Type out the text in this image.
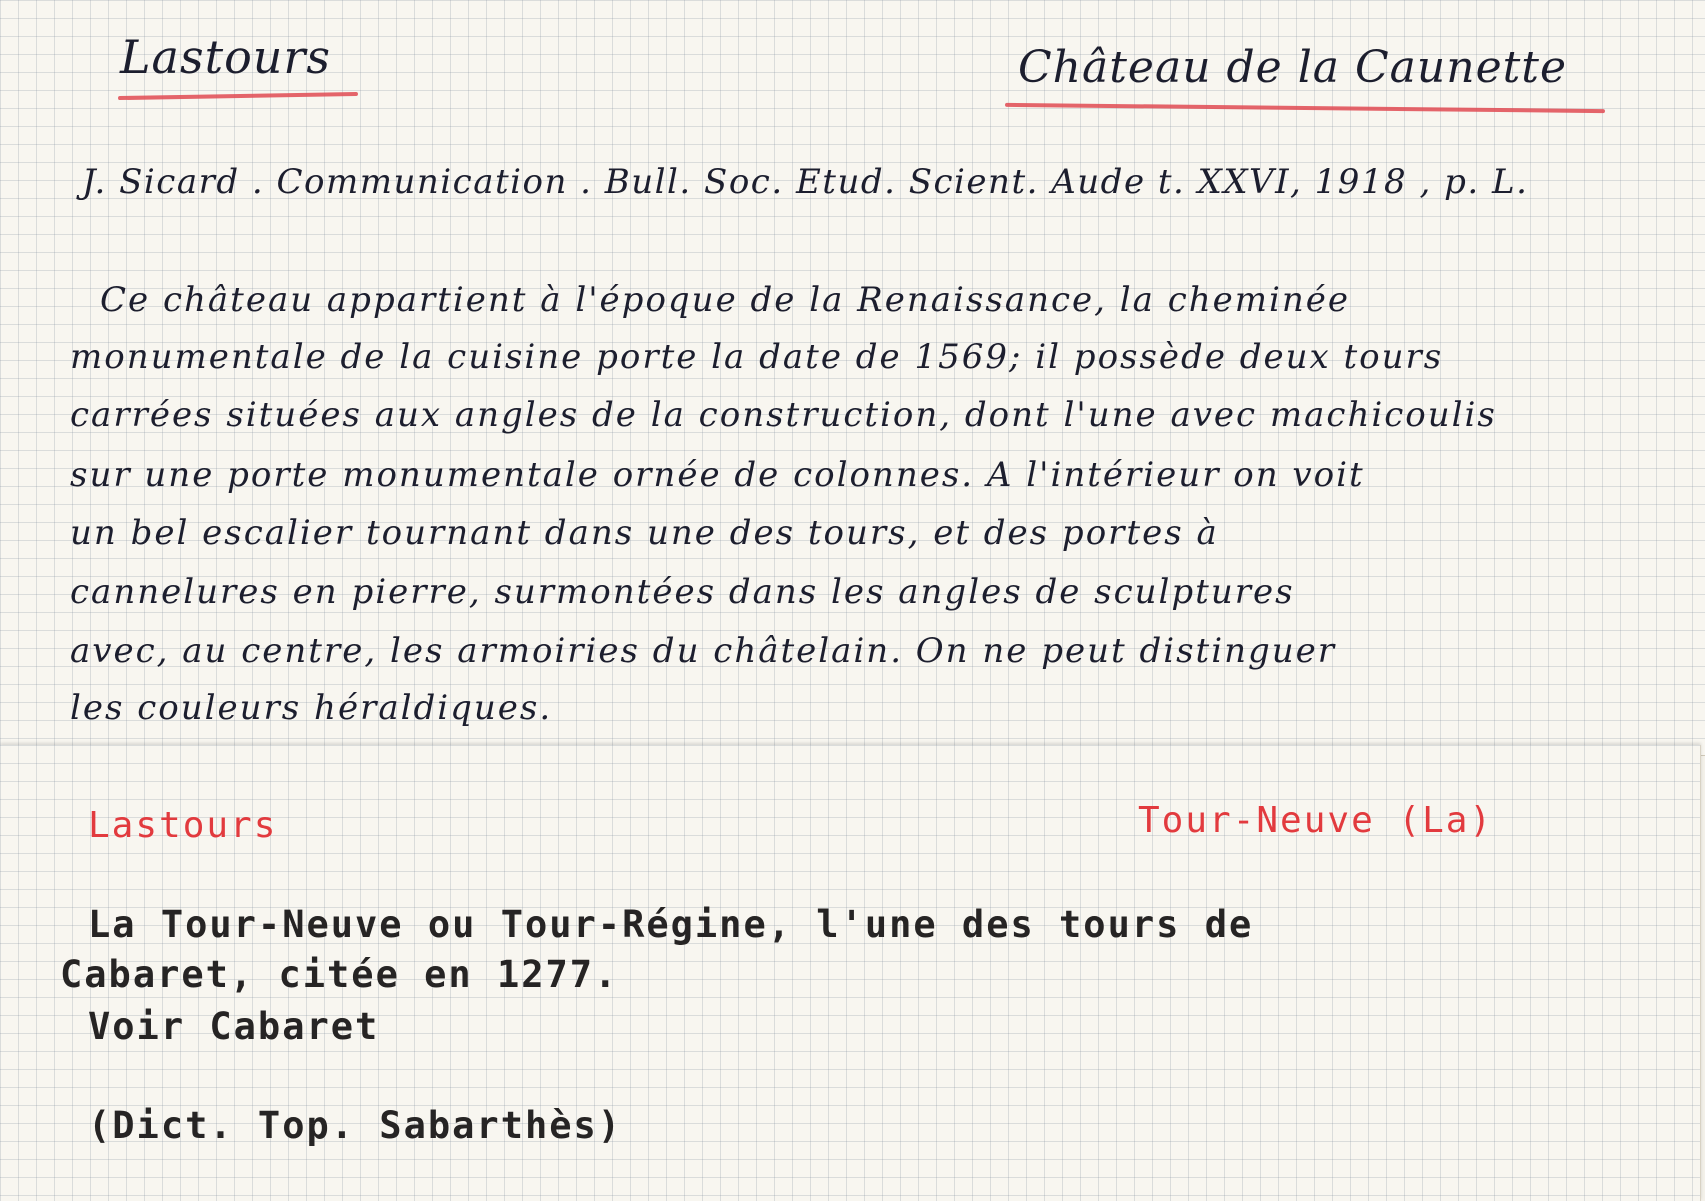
Lastours	Château de la Caunette
J. Sicard . Communication . Bull. Soc. Etud. Scient. Aude t. XXVI, 1918 , p. L.
Ce château appartient à l'époque de la Renaissance, la cheminée
monumentale de la cuisine porte la date de 1569; il possède deux tours
carrées situées aux angles de la construction, dont l'une avec machicoulis
sur une porte monumentale ornée de colonnes. A l'intérieur on voit
un bel escalier tournant dans une des tours, et des portes à
cannelures en pierre, surmontées dans les angles de sculptures
avec, au centre, les armoiries du châtelain. On ne peut distinguer
les couleurs héraldiques.
Lastours	Tour-Neuve (La)
La Tour-Neuve ou Tour-Régine, l'une des tours de
Cabaret, citée en 1277.
Voir Cabaret
(Dict. Top. Sabarthès)
